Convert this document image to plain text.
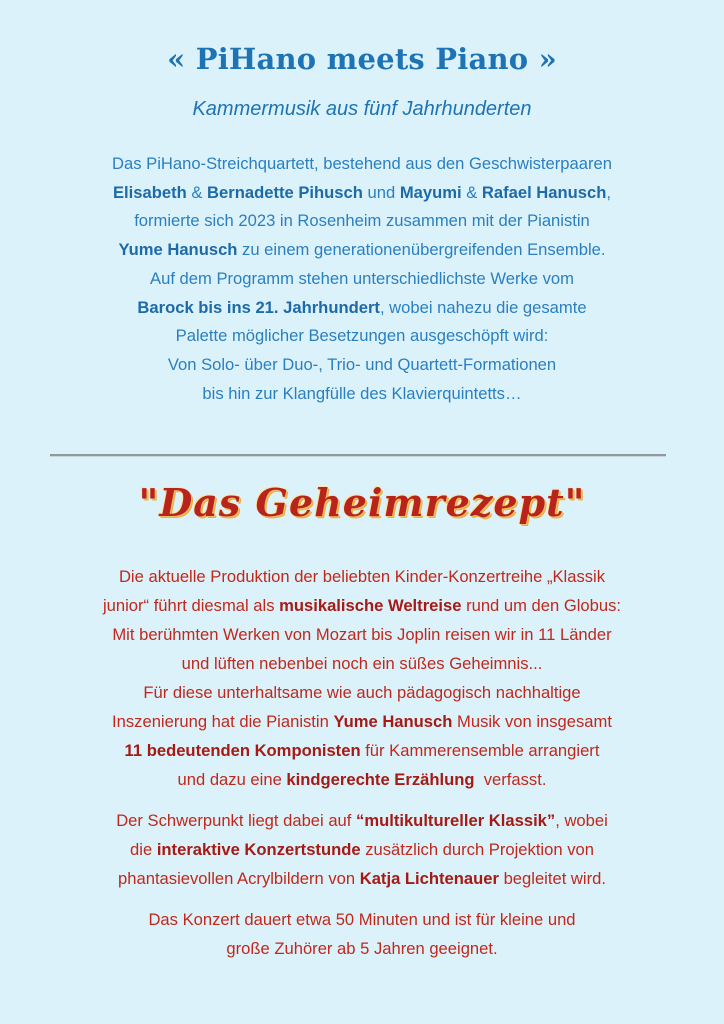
« PiHano meets Piano »
Kammermusik aus fünf Jahrhunderten
Das PiHano-Streichquartett, bestehend aus den Geschwisterpaaren
Elisabeth & Bernadette Pihusch und Mayumi & Rafael Hanusch,
formierte sich 2023 in Rosenheim zusammen mit der Pianistin
Yume Hanusch zu einem generationenübergreifenden Ensemble.
Auf dem Programm stehen unterschiedlichste Werke vom
Barock bis ins 21. Jahrhundert, wobei nahezu die gesamte
Palette möglicher Besetzungen ausgeschöpft wird:
Von Solo- über Duo-, Trio- und Quartett-Formationen
bis hin zur Klangfülle des Klavierquintetts…
"Das Geheimrezept"
Die aktuelle Produktion der beliebten Kinder-Konzertreihe „Klassik
junior“ führt diesmal als musikalische Weltreise rund um den Globus:
Mit berühmten Werken von Mozart bis Joplin reisen wir in 11 Länder
und lüften nebenbei noch ein süßes Geheimnis...
Für diese unterhaltsame wie auch pädagogisch nachhaltige
Inszenierung hat die Pianistin Yume Hanusch Musik von insgesamt
11 bedeutenden Komponisten für Kammerensemble arrangiert
und dazu eine kindgerechte Erzählung  verfasst.
Der Schwerpunkt liegt dabei auf “multikultureller Klassik”, wobei
die interaktive Konzertstunde zusätzlich durch Projektion von
phantasievollen Acrylbildern von Katja Lichtenauer begleitet wird.
Das Konzert dauert etwa 50 Minuten und ist für kleine und
große Zuhörer ab 5 Jahren geeignet.
